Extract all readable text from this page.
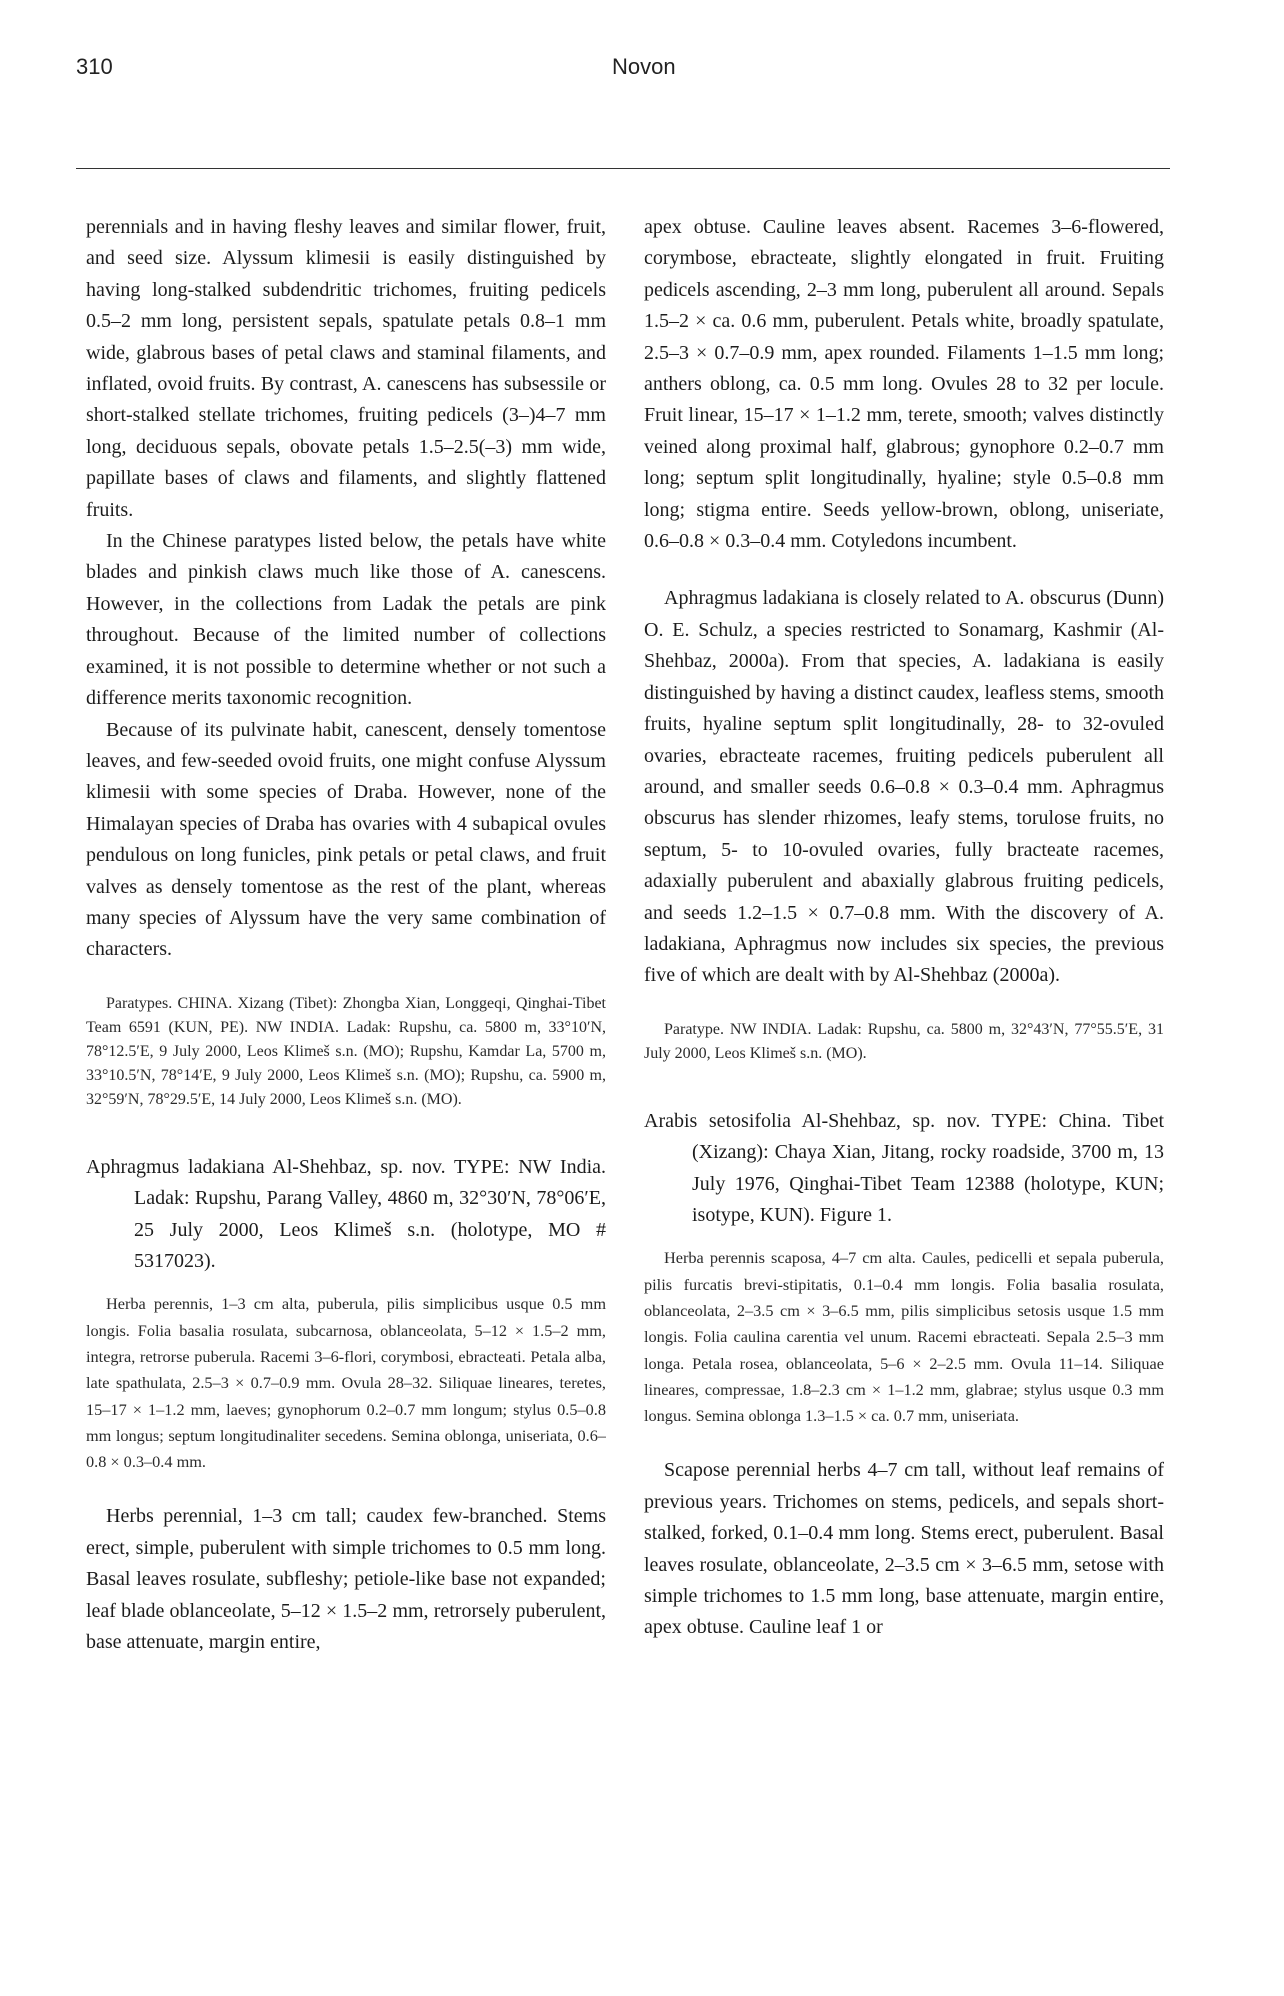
310	Novon

perennials and in having fleshy leaves and similar flower, fruit, and seed size. Alyssum klimesii is easily distinguished by having long-stalked subdendritic trichomes, fruiting pedicels 0.5–2 mm long, persistent sepals, spatulate petals 0.8–1 mm wide, glabrous bases of petal claws and staminal filaments, and inflated, ovoid fruits. By contrast, A. canescens has subsessile or short-stalked stellate trichomes, fruiting pedicels (3–)4–7 mm long, deciduous sepals, obovate petals 1.5–2.5(–3) mm wide, papillate bases of claws and filaments, and slightly flattened fruits.

In the Chinese paratypes listed below, the petals have white blades and pinkish claws much like those of A. canescens. However, in the collections from Ladak the petals are pink throughout. Because of the limited number of collections examined, it is not possible to determine whether or not such a difference merits taxonomic recognition.

Because of its pulvinate habit, canescent, densely tomentose leaves, and few-seeded ovoid fruits, one might confuse Alyssum klimesii with some species of Draba. However, none of the Himalayan species of Draba has ovaries with 4 subapical ovules pendulous on long funicles, pink petals or petal claws, and fruit valves as densely tomentose as the rest of the plant, whereas many species of Alyssum have the very same combination of characters.

Paratypes. CHINA. Xizang (Tibet): Zhongba Xian, Longgeqi, Qinghai-Tibet Team 6591 (KUN, PE). NW INDIA. Ladak: Rupshu, ca. 5800 m, 33°10′N, 78°12.5′E, 9 July 2000, Leos Klimeš s.n. (MO); Rupshu, Kamdar La, 5700 m, 33°10.5′N, 78°14′E, 9 July 2000, Leos Klimeš s.n. (MO); Rupshu, ca. 5900 m, 32°59′N, 78°29.5′E, 14 July 2000, Leos Klimeš s.n. (MO).

Aphragmus ladakiana Al-Shehbaz, sp. nov. TYPE: NW India. Ladak: Rupshu, Parang Valley, 4860 m, 32°30′N, 78°06′E, 25 July 2000, Leos Klimeš s.n. (holotype, MO # 5317023).

Herba perennis, 1–3 cm alta, puberula, pilis simplicibus usque 0.5 mm longis. Folia basalia rosulata, subcarnosa, oblanceolata, 5–12 × 1.5–2 mm, integra, retrorse puberula. Racemi 3–6-flori, corymbosi, ebracteati. Petala alba, late spathulata, 2.5–3 × 0.7–0.9 mm. Ovula 28–32. Siliquae lineares, teretes, 15–17 × 1–1.2 mm, laeves; gynophorum 0.2–0.7 mm longum; stylus 0.5–0.8 mm longus; septum longitudinaliter secedens. Semina oblonga, uniseriata, 0.6–0.8 × 0.3–0.4 mm.

Herbs perennial, 1–3 cm tall; caudex few-branched. Stems erect, simple, puberulent with simple trichomes to 0.5 mm long. Basal leaves rosulate, subfleshy; petiole-like base not expanded; leaf blade oblanceolate, 5–12 × 1.5–2 mm, retrorsely puberulent, base attenuate, margin entire,

apex obtuse. Cauline leaves absent. Racemes 3–6-flowered, corymbose, ebracteate, slightly elongated in fruit. Fruiting pedicels ascending, 2–3 mm long, puberulent all around. Sepals 1.5–2 × ca. 0.6 mm, puberulent. Petals white, broadly spatulate, 2.5–3 × 0.7–0.9 mm, apex rounded. Filaments 1–1.5 mm long; anthers oblong, ca. 0.5 mm long. Ovules 28 to 32 per locule. Fruit linear, 15–17 × 1–1.2 mm, terete, smooth; valves distinctly veined along proximal half, glabrous; gynophore 0.2–0.7 mm long; septum split longitudinally, hyaline; style 0.5–0.8 mm long; stigma entire. Seeds yellow-brown, oblong, uniseriate, 0.6–0.8 × 0.3–0.4 mm. Cotyledons incumbent.

Aphragmus ladakiana is closely related to A. obscurus (Dunn) O. E. Schulz, a species restricted to Sonamarg, Kashmir (Al-Shehbaz, 2000a). From that species, A. ladakiana is easily distinguished by having a distinct caudex, leafless stems, smooth fruits, hyaline septum split longitudinally, 28- to 32-ovuled ovaries, ebracteate racemes, fruiting pedicels puberulent all around, and smaller seeds 0.6–0.8 × 0.3–0.4 mm. Aphragmus obscurus has slender rhizomes, leafy stems, torulose fruits, no septum, 5- to 10-ovuled ovaries, fully bracteate racemes, adaxially puberulent and abaxially glabrous fruiting pedicels, and seeds 1.2–1.5 × 0.7–0.8 mm. With the discovery of A. ladakiana, Aphragmus now includes six species, the previous five of which are dealt with by Al-Shehbaz (2000a).

Paratype. NW INDIA. Ladak: Rupshu, ca. 5800 m, 32°43′N, 77°55.5′E, 31 July 2000, Leos Klimeš s.n. (MO).

Arabis setosifolia Al-Shehbaz, sp. nov. TYPE: China. Tibet (Xizang): Chaya Xian, Jitang, rocky roadside, 3700 m, 13 July 1976, Qinghai-Tibet Team 12388 (holotype, KUN; isotype, KUN). Figure 1.

Herba perennis scaposa, 4–7 cm alta. Caules, pedicelli et sepala puberula, pilis furcatis brevi-stipitatis, 0.1–0.4 mm longis. Folia basalia rosulata, oblanceolata, 2–3.5 cm × 3–6.5 mm, pilis simplicibus setosis usque 1.5 mm longis. Folia caulina carentia vel unum. Racemi ebracteati. Sepala 2.5–3 mm longa. Petala rosea, oblanceolata, 5–6 × 2–2.5 mm. Ovula 11–14. Siliquae lineares, compressae, 1.8–2.3 cm × 1–1.2 mm, glabrae; stylus usque 0.3 mm longus. Semina oblonga 1.3–1.5 × ca. 0.7 mm, uniseriata.

Scapose perennial herbs 4–7 cm tall, without leaf remains of previous years. Trichomes on stems, pedicels, and sepals short-stalked, forked, 0.1–0.4 mm long. Stems erect, puberulent. Basal leaves rosulate, oblanceolate, 2–3.5 cm × 3–6.5 mm, setose with simple trichomes to 1.5 mm long, base attenuate, margin entire, apex obtuse. Cauline leaf 1 or
